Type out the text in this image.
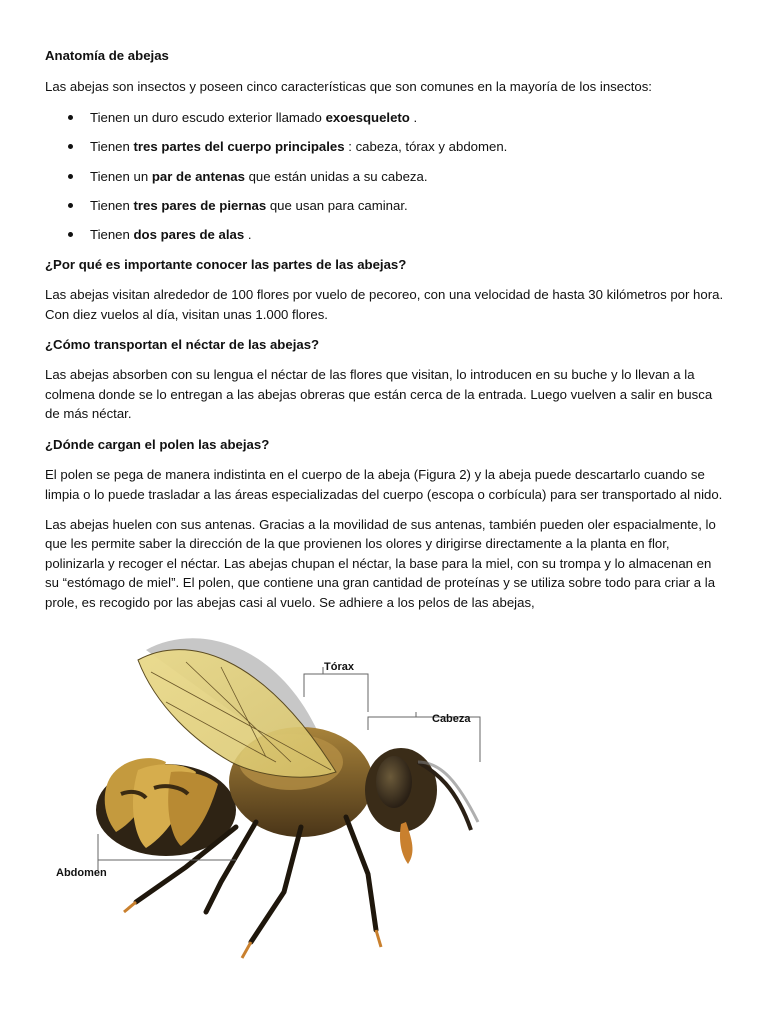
Anatomía de abejas

Las abejas son insectos y poseen cinco características que son comunes en la mayoría de los insectos:

Tienen un duro escudo exterior llamado exoesqueleto .
Tienen tres partes del cuerpo principales : cabeza, tórax y abdomen.
Tienen un par de antenas que están unidas a su cabeza.
Tienen tres pares de piernas que usan para caminar.
Tienen dos pares de alas .
¿Por qué es importante conocer las partes de las abejas?

Las abejas visitan alrededor de 100 flores por vuelo de pecoreo, con una velocidad de hasta 30 kilómetros por hora. Con diez vuelos al día, visitan unas 1.000 flores.

¿Cómo transportan el néctar de las abejas?

Las abejas absorben con su lengua el néctar de las flores que visitan, lo introducen en su buche y lo llevan a la colmena donde se lo entregan a las abejas obreras que están cerca de la entrada. Luego vuelven a salir en busca de más néctar.

¿Dónde cargan el polen las abejas?

El polen se pega de manera indistinta en el cuerpo de la abeja (Figura 2) y la abeja puede descartarlo cuando se limpia o lo puede trasladar a las áreas especializadas del cuerpo (escopa o corbícula) para ser transportado al nido.

Las abejas huelen con sus antenas. Gracias a la movilidad de sus antenas, también pueden oler espacialmente, lo que les permite saber la dirección de la que provienen los olores y dirigirse directamente a la planta en flor, polinizarla y recoger el néctar. Las abejas chupan el néctar, la base para la miel, con su trompa y lo almacenan en su “estómago de miel”. El polen, que contiene una gran cantidad de proteínas y se utiliza sobre todo para criar a la prole, es recogido por las abejas casi al vuelo. Se adhiere a los pelos de las abejas,

Tórax
Cabeza
Abdomen
